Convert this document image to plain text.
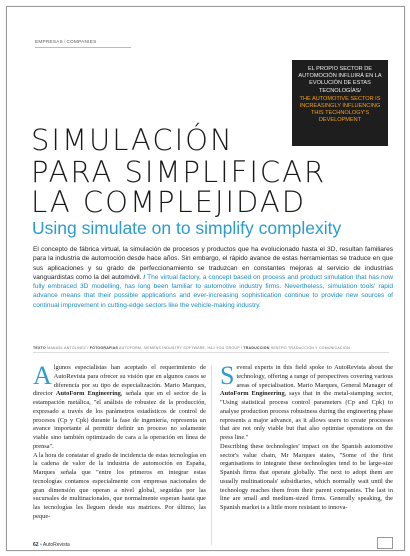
EMPRESAS/COMPANIES
EL PROPIO SECTOR DE AUTOMOCIÓN INFLUIRÁ EN LA EVOLUCIÓN DE ESTAS TECNOLOGÍAS/
THE AUTOMOTIVE SECTOR IS INCREASINGLY INFLUENCING THIS TECHNOLOGY'S DEVELOPMENT
SIMULACIÓN
PARA SIMPLIFICAR
LA COMPLEJIDAD
Using simulate on to simplify complexity
El concepto de fábrica virtual, la simulación de procesos y productos que ha evolucionado hasta el 3D, resultan familiares para la industria de automoción desde hace años. Sin embargo, el rápido avance de estas herramientas se traduce en que sus aplicaciones y su grado de perfeccionamiento se traduzcan en constantes mejoras al servicio de industrias vanguardistas como la del automóvil. / The virtual factory, a concept based on process and product simulation that has now fully embraced 3D modelling, has long been familiar to automotive industry firms. Nevertheless, simulation tools' rapid advance means that their possible applications and ever-increasing sophistication continue to provide new sources of continual improvement in cutting-edge sectors like the vehicle-making industry.
TEXTO MANUEL ANTOLINEZ / FOTOGRAFÍAS AUTOFORM, SIEMENS INDUSTRY SOFTWARE, H&J YOU GROUP / TRADUCCIÓN SENTRO TRADUCCIÓN Y COMUNICACIÓN
Algunos especialistas han aceptado el requerimiento de AutoRevista para ofrecer su visión que en algunos casos se diferencia por su tipo de especialización. Mario Marques, director AutoForm Engineering, señala que en el sector de la estampación metálica, "el análisis de robustez de la producción, expresado a través de los parámetros estadísticos de control de procesos (Cp y Cpk) durante la fase de ingeniería, representa un avance importante al permitir definir un proceso no solamente viable sino también optimizado de cara a la operación en línea de prensa".
A la hora de constatar el grado de incidencia de estas tecnologías en la cadena de valor de la industria de automoción en España, Marques señala que "entre los primeros en integrar estas tecnologías contamos especialmente con empresas nacionales de gran dimensión que operan a nivel global, seguidas por las sucursales de multinacionales, que normalmente esperan hasta que las tecnologías les lleguen desde sus matrices. Por último, las peque-
Several experts in this field spoke to AutoRevista about the technology, offering a range of perspectives covering various areas of specialisation. Mario Marques, General Manager of AutoForm Engineering, says that in the metal-stamping sector, "Using statistical process control parameters (Cp and Cpk) to analyse production process robustness during the engineering phase represents a major advance, as it allows users to create processes that are not only viable but that also optimise operations on the press line."
Describing these technologies' impact on the Spanish automotive sector's value chain, Mr Marques states, "Some of the first organisations to integrate these technologies tend to be large-size Spanish firms that operate globally. The next to adopt them are usually multinationals' subsidiaries, which normally wait until the technology reaches them from their parent companies. The last in line are small and medium-sized firms. Generally speaking, the Spanish market is a little more resistant to innova-
62 • AutoRevista
